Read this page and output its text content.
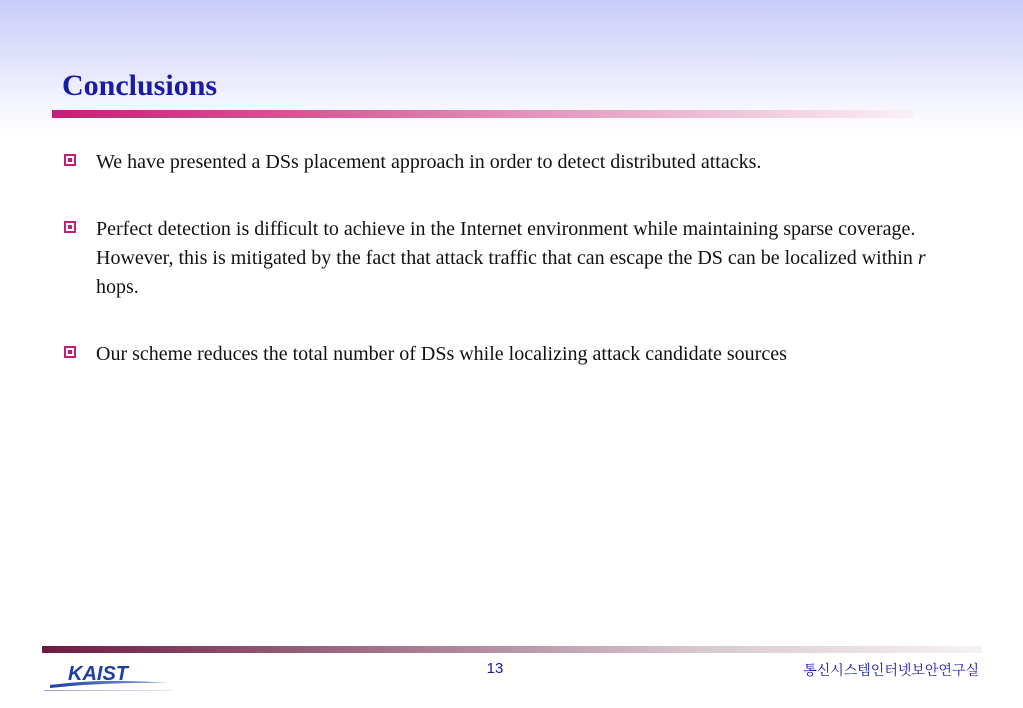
Conclusions
We have presented a DSs placement approach in order to detect distributed attacks.
Perfect detection is difficult to achieve in the Internet environment while maintaining sparse coverage. However, this is mitigated by the fact that attack traffic that can escape the DS can be localized within r hops.
Our scheme reduces the total number of DSs while localizing attack candidate sources
KAIST	13	통신시스템인터넷보안연구실
